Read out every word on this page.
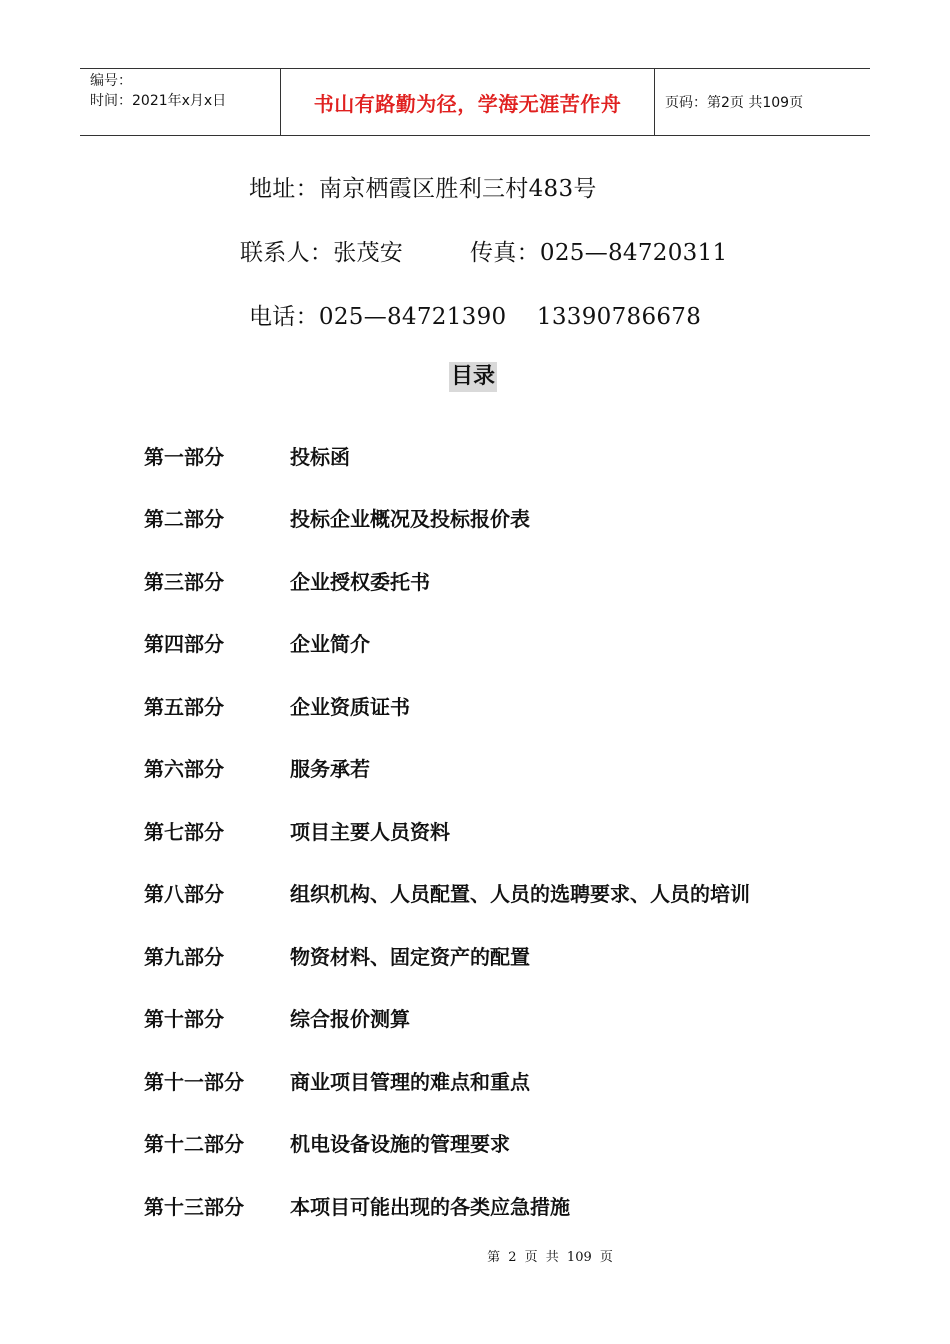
编号：
时间：2021年x月x日	书山有路勤为径，学海无涯苦作舟	页码：第2页 共109页
地址：南京栖霞区胜利三村483号
联系人：张茂安	传真：025—84720311
电话：025—84721390    13390786678
目录
第一部分	投标函
第二部分	投标企业概况及投标报价表
第三部分	企业授权委托书
第四部分	企业简介
第五部分	企业资质证书
第六部分	服务承若
第七部分	项目主要人员资料
第八部分	组织机构、人员配置、人员的选聘要求、人员的培训
第九部分	物资材料、固定资产的配置
第十部分	综合报价测算
第十一部分	商业项目管理的难点和重点
第十二部分	机电设备设施的管理要求
第十三部分	本项目可能出现的各类应急措施
第 2 页 共 109 页
